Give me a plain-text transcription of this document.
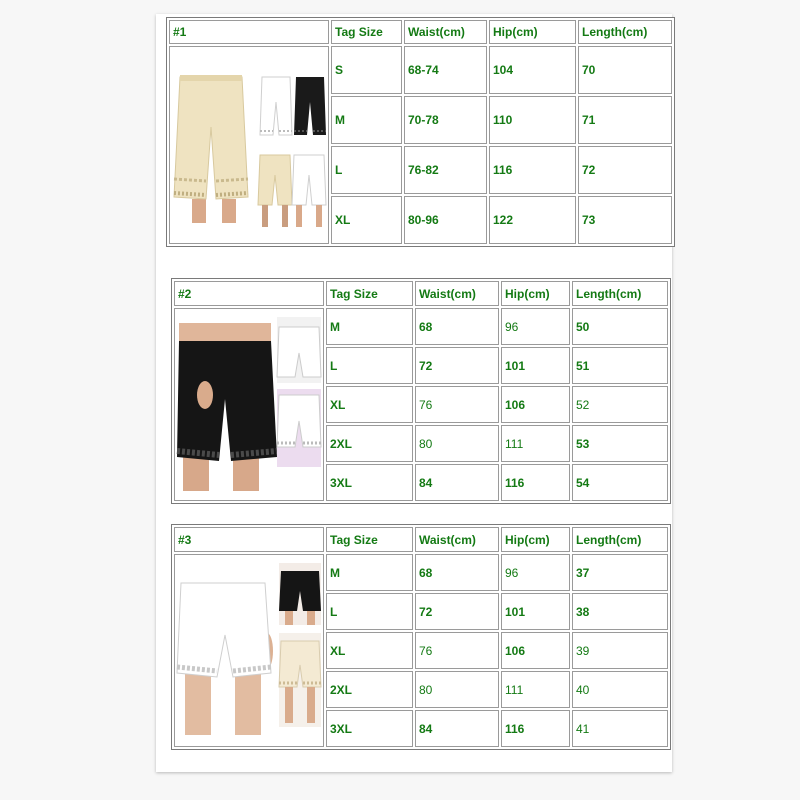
#1	Tag Size	Waist(cm)	Hip(cm)	Length(cm)

	S	68-74	104	70
	M	70-78	110	71
	L	76-82	116	72
	XL	80-96	122	73
#2	Tag Size	Waist(cm)	Hip(cm)	Length(cm)

	M	68	96	50
	L	72	101	51
	XL	76	106	52
	2XL	80	111	53
	3XL	84	116	54
#3	Tag Size	Waist(cm)	Hip(cm)	Length(cm)

	M	68	96	37
	L	72	101	38
	XL	76	106	39
	2XL	80	111	40
	3XL	84	116	41
